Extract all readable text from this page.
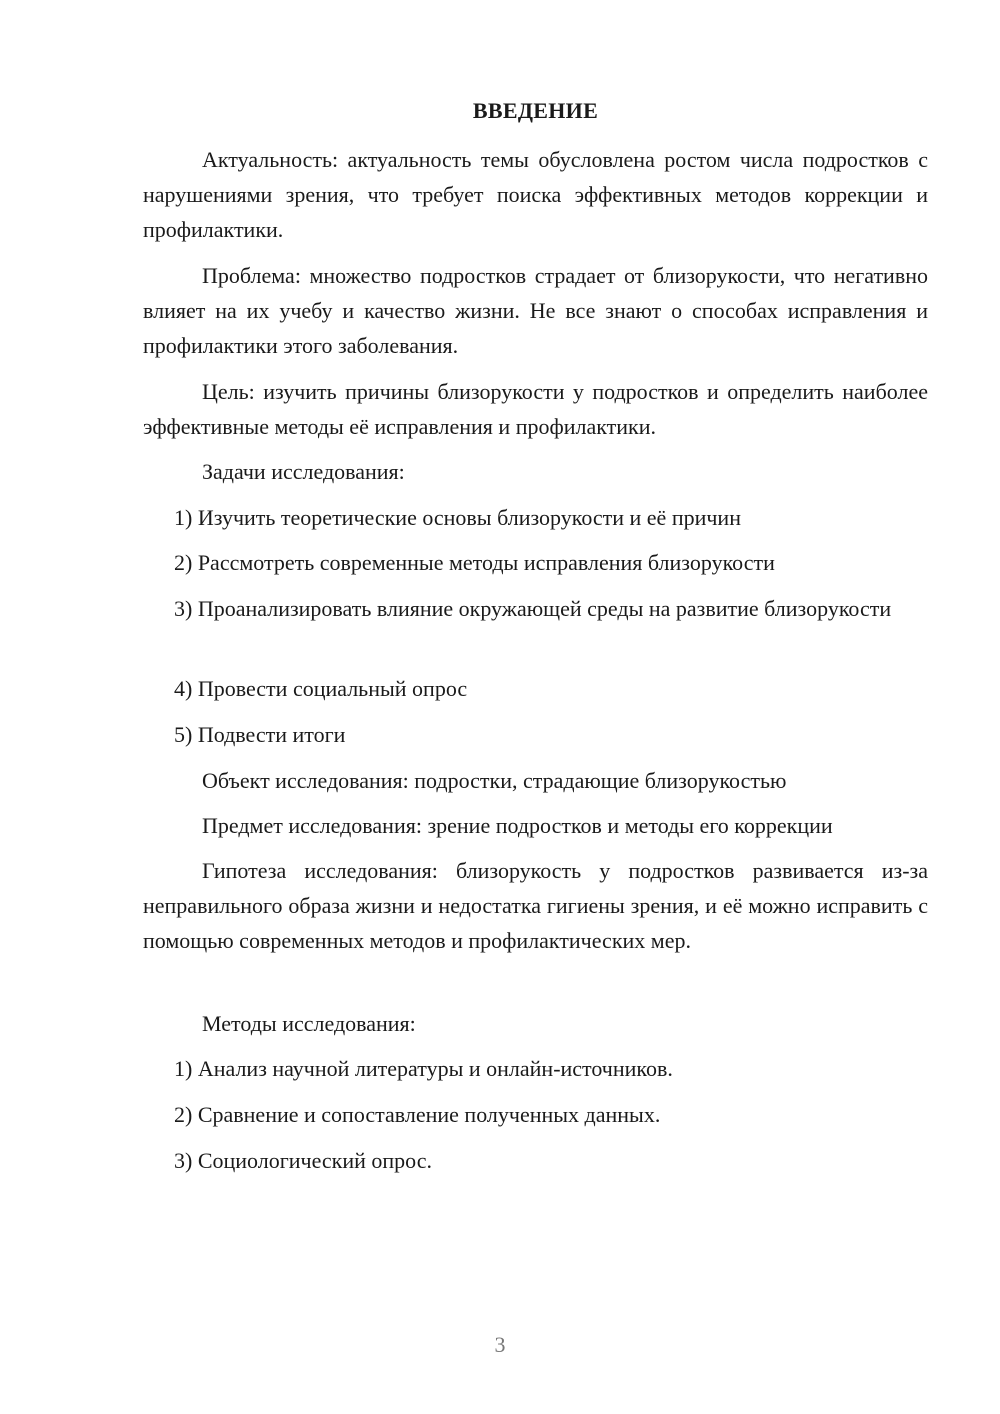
ВВЕДЕНИЕ

Актуальность: актуальность темы обусловлена ростом числа подростков с нарушениями зрения, что требует поиска эффективных методов коррекции и профилактики.

Проблема: множество подростков страдает от близорукости, что негативно влияет на их учебу и качество жизни. Не все знают о способах исправления и профилактики этого заболевания.

Цель: изучить причины близорукости у подростков и определить наиболее эффективные методы её исправления и профилактики.

Задачи исследования:

1) Изучить теоретические основы близорукости и её причин

2) Рассмотреть современные методы исправления близорукости

3) Проанализировать влияние окружающей среды на развитие близорукости

4) Провести социальный опрос

5) Подвести итоги

Объект исследования: подростки, страдающие близорукостью

Предмет исследования: зрение подростков и методы его коррекции

Гипотеза исследования: близорукость у подростков развивается из-за неправильного образа жизни и недостатка гигиены зрения, и её можно исправить с помощью современных методов и профилактических мер.

Методы исследования:

1) Анализ научной литературы и онлайн-источников.

2) Сравнение и сопоставление полученных данных.

3) Социологический опрос.

3
